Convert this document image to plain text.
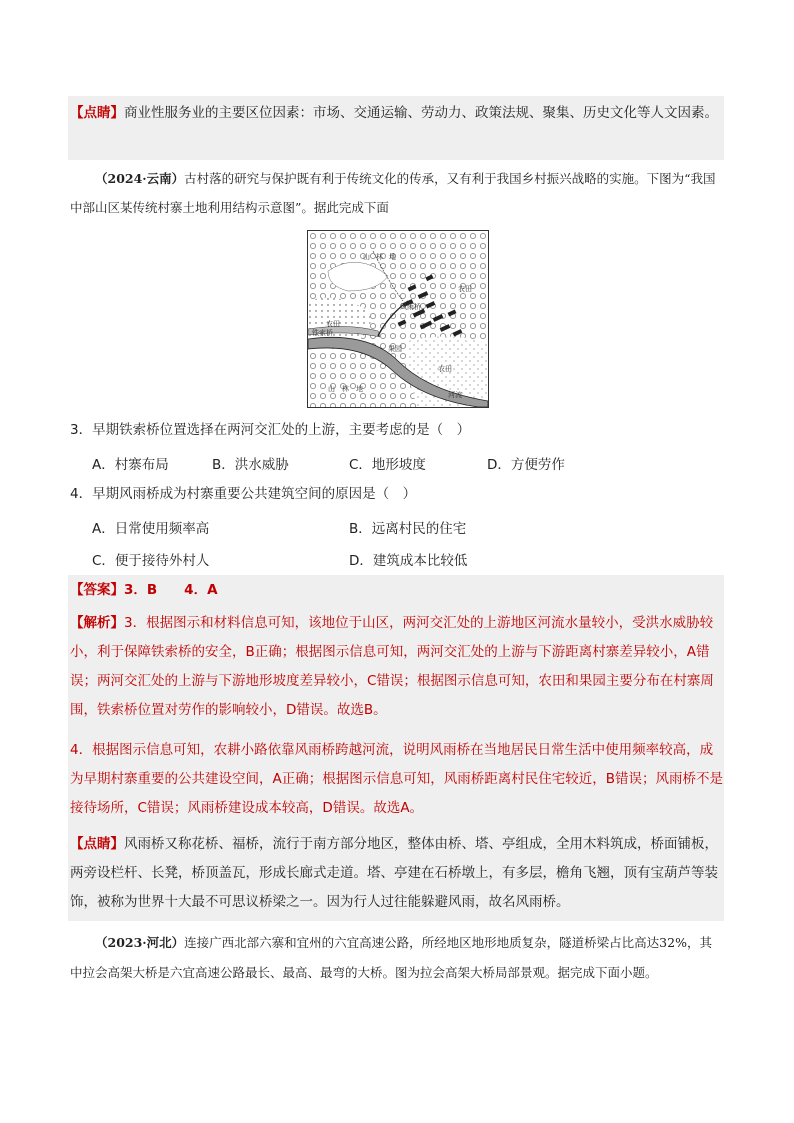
【点睛】商业性服务业的主要区位因素：市场、交通运输、劳动力、政策法规、聚集、历史文化等人文因素。
（2024·云南）古村落的研究与保护既有利于传统文化的传承，又有利于我国乡村振兴战略的实施。下图为“我国中部山区某传统村寨土地利用结构示意图”。据此完成下面
山 林 地
风雨桥
农田
铁索桥
农田
果园
山 林 地
农田
河流
3．早期铁索桥位置选择在两河交汇处的上游，主要考虑的是（　）
A．村寨布局	B．洪水威胁	C．地形坡度	D．方便劳作
4．早期风雨桥成为村寨重要公共建筑空间的原因是（　）
A．日常使用频率高	B．远离村民的住宅
C．便于接待外村人	D．建筑成本比较低
【答案】3．B　　4．A
【解析】3．根据图示和材料信息可知，该地位于山区，两河交汇处的上游地区河流水量较小，受洪水威胁较小，利于保障铁索桥的安全，B正确；根据图示信息可知，两河交汇处的上游与下游距离村寨差异较小，A错误；两河交汇处的上游与下游地形坡度差异较小，C错误；根据图示信息可知，农田和果园主要分布在村寨周围，铁索桥位置对劳作的影响较小，D错误。故选B。
4．根据图示信息可知，农耕小路依靠风雨桥跨越河流，说明风雨桥在当地居民日常生活中使用频率较高，成为早期村寨重要的公共建设空间，A正确；根据图示信息可知，风雨桥距离村民住宅较近，B错误；风雨桥不是接待场所，C错误；风雨桥建设成本较高，D错误。故选A。
【点睛】风雨桥又称花桥、福桥，流行于南方部分地区，整体由桥、塔、亭组成，全用木料筑成，桥面铺板，两旁设栏杆、长凳，桥顶盖瓦，形成长廊式走道。塔、亭建在石桥墩上，有多层，檐角飞翘，顶有宝葫芦等装饰，被称为世界十大最不可思议桥梁之一。因为行人过往能躲避风雨，故名风雨桥。
（2023·河北）连接广西北部六寨和宜州的六宜高速公路，所经地区地形地质复杂，隧道桥梁占比高达32%，其中拉会高架大桥是六宜高速公路最长、最高、最弯的大桥。图为拉会高架大桥局部景观。据完成下面小题。
